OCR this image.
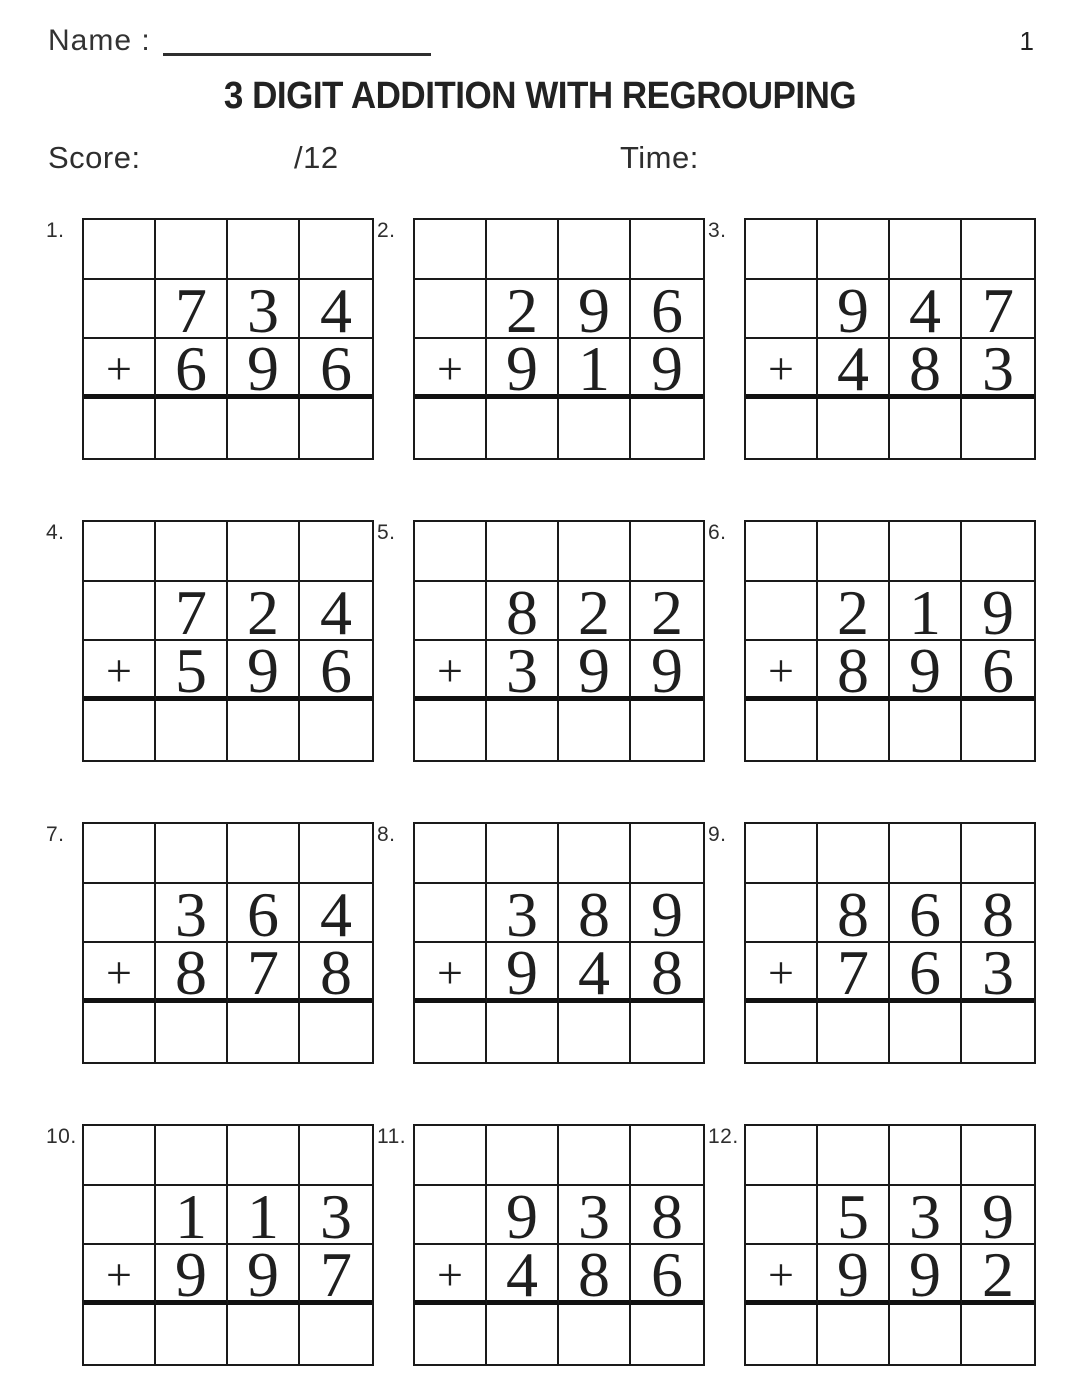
Name :	1
3 DIGIT ADDITION WITH REGROUPING
Score:	/12	Time:
1.
7 3 4
+ 6 9 6
2.
2 9 6
+ 9 1 9
3.
9 4 7
+ 4 8 3
4.
7 2 4
+ 5 9 6
5.
8 2 2
+ 3 9 9
6.
2 1 9
+ 8 9 6
7.
3 6 4
+ 8 7 8
8.
3 8 9
+ 9 4 8
9.
8 6 8
+ 7 6 3
10.
1 1 3
+ 9 9 7
11.
9 3 8
+ 4 8 6
12.
5 3 9
+ 9 9 2
